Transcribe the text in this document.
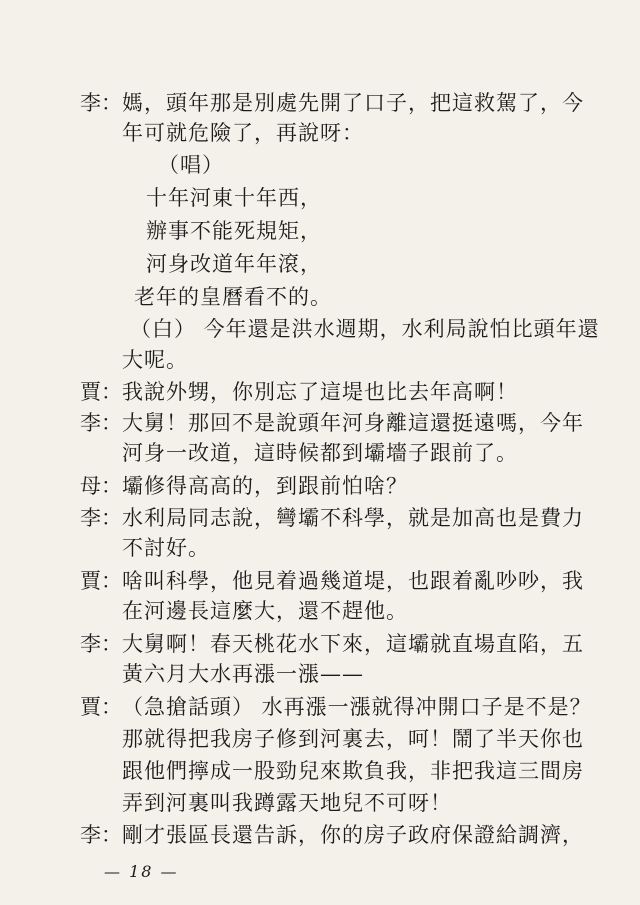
李： 媽，頭年那是別處先開了口子，把這救駕了，今
年可就危險了，再說呀：
（唱）
十年河東十年西，
辦事不能死規矩，
河身改道年年滾，
老年的皇曆看不的。
（白） 今年還是洪水週期，水利局說怕比頭年還
大呢。
賈： 我說外甥，你別忘了這堤也比去年高啊！
李： 大舅！那回不是說頭年河身離這還挺遠嗎，今年
河身一改道，這時候都到壩墻子跟前了。
母： 壩修得高高的，到跟前怕啥？
李： 水利局同志說，彎壩不科學，就是加高也是費力
不討好。
賈： 啥叫科學，他見着過幾道堤，也跟着亂吵吵，我
在河邊長這麼大，還不趕他。
李： 大舅啊！春天桃花水下來，這壩就直場直陷，五
黃六月大水再漲一漲——
賈： （急搶話頭） 水再漲一漲就得冲開口子是不是？
那就得把我房子修到河裏去，呵！鬧了半天你也
跟他們擰成一股勁兒來欺負我，非把我這三間房
弄到河裏叫我蹲露天地兒不可呀！
李： 剛才張區長還告訴，你的房子政府保證給調濟，
— 18 —
